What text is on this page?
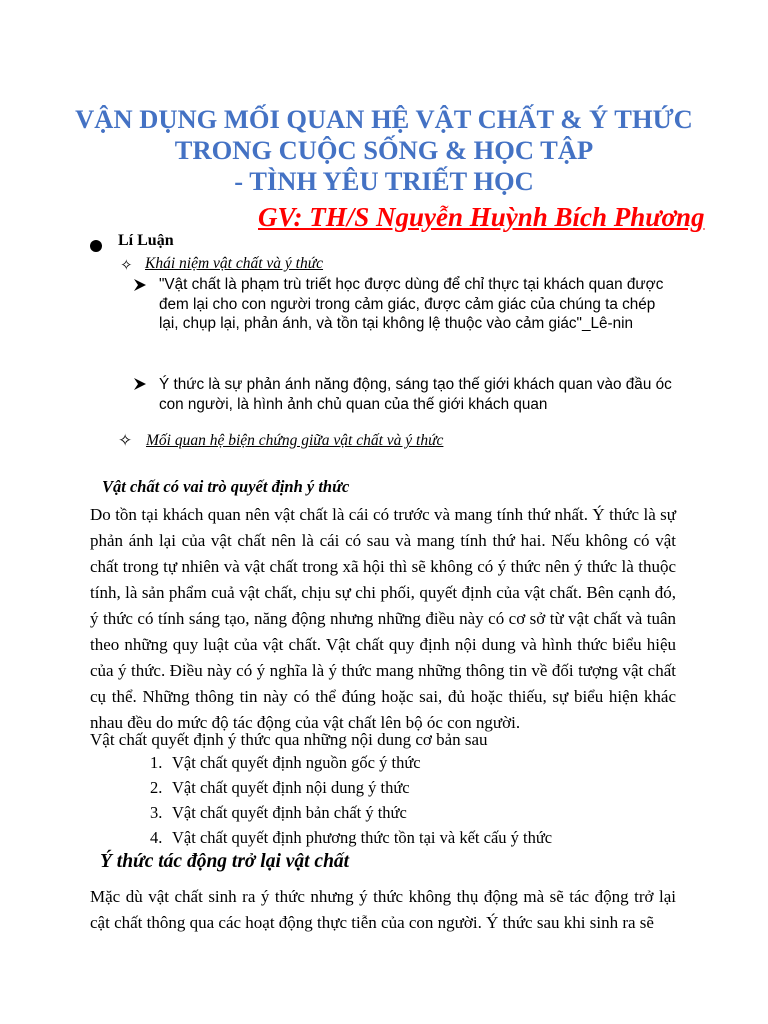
VẬN DỤNG MỐI QUAN HỆ VẬT CHẤT & Ý THỨC

TRONG CUỘC SỐNG & HỌC TẬP

- TÌNH YÊU TRIẾT HỌC

GV: TH/S Nguyễn Huỳnh Bích Phương
Lí Luận
✧ Khái niệm vật chất và ý thức

"Vật chất là phạm trù triết học được dùng để chỉ thực tại khách quan được đem lại cho con người trong cảm giác, được cảm giác của chúng ta chép lại, chụp lại, phản ánh, và tồn tại không lệ thuộc vào cảm giác"_Lê-nin

Ý thức là sự phản ánh năng động, sáng tạo thế giới khách quan vào đầu óc con người, là hình ảnh chủ quan của thế giới khách quan

✧ Mối quan hệ biện chứng giữa vật chất và ý thức
Vật chất có vai trò quyết định ý thức

Do tồn tại khách quan nên vật chất là cái có trước và mang tính thứ nhất. Ý thức là sự phản ánh lại của vật chất nên là cái có sau và mang tính thứ hai. Nếu không có vật chất trong tự nhiên và vật chất trong xã hội thì sẽ không có ý thức nên ý thức là thuộc tính, là sản phẩm cuả vật chất, chịu sự chi phối, quyết định của vật chất. Bên cạnh đó, ý thức có tính sáng tạo, năng động nhưng những điều này có cơ sở từ vật chất và tuân theo những quy luật của vật chất. Vật chất quy định nội dung và hình thức biểu hiệu của ý thức. Điều này có ý nghĩa là ý thức mang những thông tin về đối tượng vật chất cụ thể. Những thông tin này có thể đúng hoặc sai, đủ hoặc thiếu, sự biểu hiện khác nhau đều do mức độ tác động của vật chất lên bộ óc con người.

Vật chất quyết định ý thức qua những nội dung cơ bản sau

1. Vật chất quyết định nguồn gốc ý thức
2. Vật chất quyết định nội dung ý thức
3. Vật chất quyết định bản chất ý thức
4. Vật chất quyết định phương thức tồn tại và kết cấu ý thức
Ý thức tác động trở lại vật chất

Mặc dù vật chất sinh ra ý thức nhưng ý thức không thụ động mà sẽ tác động trở lại cật chất thông qua các hoạt động thực tiễn của con người. Ý thức sau khi sinh ra sẽ
